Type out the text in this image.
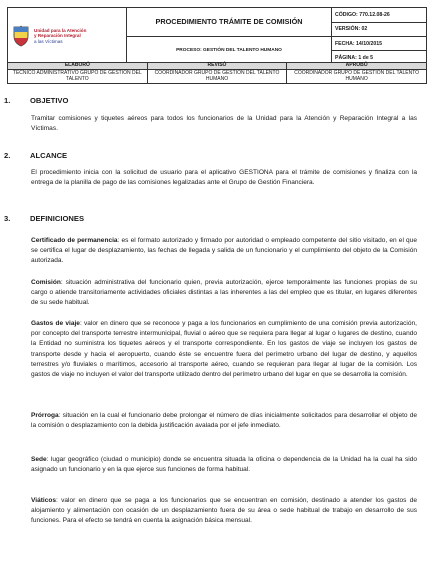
Unidad para la Atención
y Reparación Integral
a las Víctimas	PROCEDIMIENTO TRÁMITE DE COMISIÓN	CÓDIGO: 770.12.08-26
		VERSIÓN: 02
	PROCESO: GESTIÓN DEL TALENTO HUMANO	FECHA: 14/10/2015
		PÁGINA: 1 de 5
ELABORÓ	REVISÓ	APROBÓ
TECNICO ADMINISTRATIVO GRUPO DE GESTIÓN DEL TALENTO	COORDINADOR GRUPO DE GESTIÓN DEL TALENTO HUMANO	COORDINADOR GRUPO DE GESTIÓN DEL TALENTO HUMANO
1.	OBJETIVO

Tramitar comisiones y tiquetes aéreos para todos los funcionarios de la Unidad para la Atención y Reparación Integral a las Víctimas.

2.	ALCANCE

El procedimiento inicia con la solicitud de usuario para el aplicativo GESTIONA para el trámite de comisiones y finaliza con la entrega de la planilla de pago de las comisiones legalizadas ante el Grupo de Gestión Financiera.

3.	DEFINICIONES

Certificado de permanencia: es el formato autorizado y firmado por autoridad o empleado competente del sitio visitado, en el que se certifica el lugar de desplazamiento, las fechas de llegada y salida de un funcionario y el cumplimiento del objeto de la Comisión autorizada.

Comisión: situación administrativa del funcionario quien, previa autorización, ejerce temporalmente las funciones propias de su cargo o atiende transitoriamente actividades oficiales distintas a las inherentes a las del empleo que es titular, en lugares diferentes de su sede habitual.

Gastos de viaje: valor en dinero que se reconoce y paga a los funcionarios en cumplimiento de una comisión previa autorización, por concepto del transporte terrestre intermunicipal, fluvial o aéreo que se requiera para llegar al lugar o lugares de destino, cuando la Entidad no suministra los tiquetes aéreos y el transporte correspondiente. En los gastos de viaje se incluyen los gastos de transporte desde y hacia el aeropuerto, cuando éste se encuentre fuera del perímetro urbano del lugar de destino, y aquellos terrestres y/o fluviales o marítimos, accesorio al transporte aéreo, cuando se requieran para llegar al lugar de la comisión. Los gastos de viaje no incluyen el valor del transporte utilizado dentro del perímetro urbano del lugar en que se desarrolla la comisión.

Prórroga: situación en la cual el funcionario debe prolongar el número de días inicialmente solicitados para desarrollar el objeto de la comisión o desplazamiento con la debida justificación avalada por el jefe inmediato.

Sede: lugar geográfico (ciudad o municipio) donde se encuentra situada la oficina o dependencia de la Unidad ha la cual ha sido asignado un funcionario y en la que ejerce sus funciones de forma habitual.

Viáticos: valor en dinero que se paga a los funcionarios que se encuentran en comisión, destinado a atender los gastos de alojamiento y alimentación con ocasión de un desplazamiento fuera de su área o sede habitual de trabajo en desarrollo de sus funciones. Para el efecto se tendrá en cuenta la asignación básica mensual.
